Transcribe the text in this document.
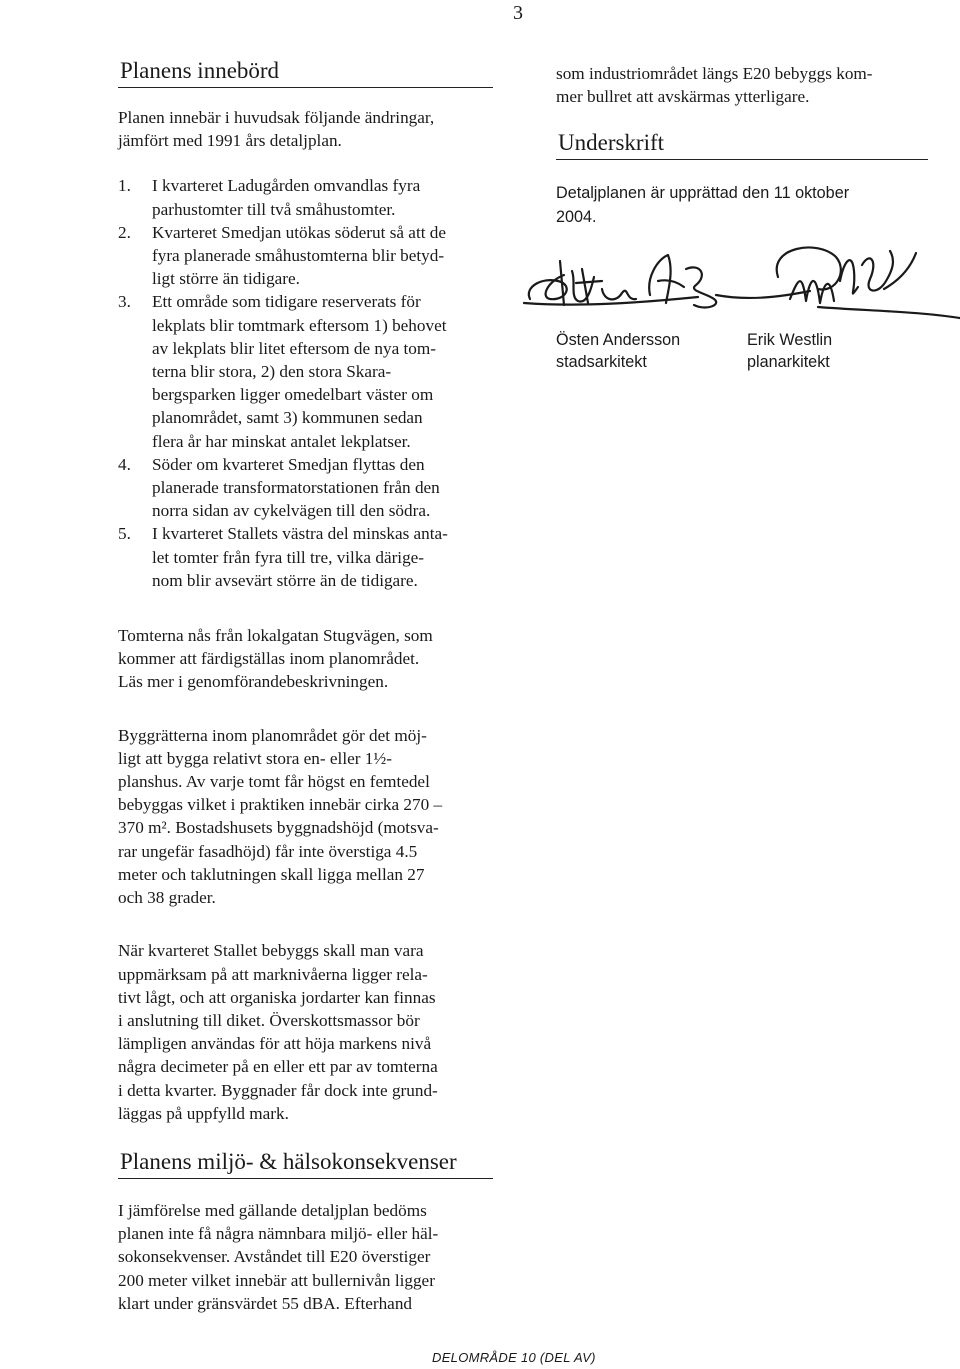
3
Planens innebörd

Planen innebär i huvudsak följande ändringar,
jämfört med 1991 års detaljplan.

1. I kvarteret Ladugården omvandlas fyra
parhustomter till två småhustomter.
2. Kvarteret Smedjan utökas söderut så att de
fyra planerade småhustomterna blir betyd-
ligt större än tidigare.
3. Ett område som tidigare reserverats för
lekplats blir tomtmark eftersom 1) behovet
av lekplats blir litet eftersom de nya tom-
terna blir stora, 2) den stora Skara-
bergsparken ligger omedelbart väster om
planområdet, samt 3) kommunen sedan
flera år har minskat antalet lekplatser.
4. Söder om kvarteret Smedjan flyttas den
planerade transformatorstationen från den
norra sidan av cykelvägen till den södra.
5. I kvarteret Stallets västra del minskas anta-
let tomter från fyra till tre, vilka därige-
nom blir avsevärt större än de tidigare.

Tomterna nås från lokalgatan Stugvägen, som
kommer att färdigställas inom planområdet.
Läs mer i genomförandebeskrivningen.

Byggrätterna inom planområdet gör det möj-
ligt att bygga relativt stora en- eller 1½-
planshus. Av varje tomt får högst en femtedel
bebyggas vilket i praktiken innebär cirka 270 –
370 m². Bostadshusets byggnadshöjd (motsva-
rar ungefär fasadhöjd) får inte överstiga 4.5
meter och taklutningen skall ligga mellan 27
och 38 grader.

När kvarteret Stallet bebyggs skall man vara
uppmärksam på att marknivåerna ligger rela-
tivt lågt, och att organiska jordarter kan finnas
i anslutning till diket. Överskottsmassor bör
lämpligen användas för att höja markens nivå
några decimeter på en eller ett par av tomterna
i detta kvarter. Byggnader får dock inte grund-
läggas på uppfylld mark.

Planens miljö- & hälsokonsekvenser

I jämförelse med gällande detaljplan bedöms
planen inte få några nämnbara miljö- eller häl-
sokonsekvenser. Avståndet till E20 överstiger
200 meter vilket innebär att bullernivån ligger
klart under gränsvärdet 55 dBA. Efterhand

som industriområdet längs E20 bebyggs kom-
mer bullret att avskärmas ytterligare.

Underskrift

Detaljplanen är upprättad den 11 oktober
2004.

Östen Andersson
stadsarkitekt
Erik Westlin
planarkitekt
DELOMRÅDE 10 (DEL AV)
